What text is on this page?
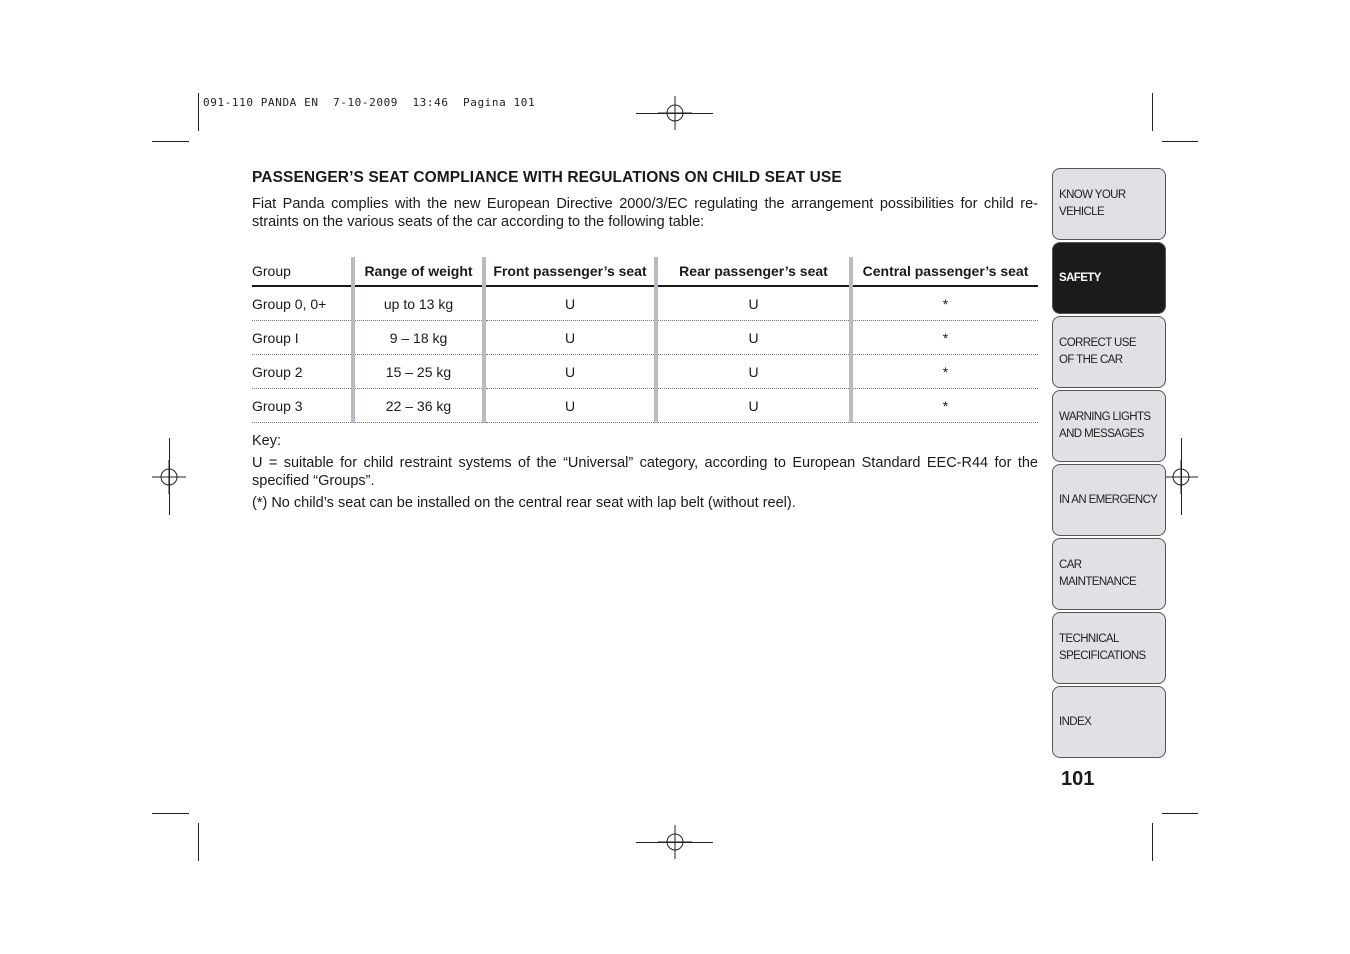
091-110 PANDA EN  7-10-2009  13:46  Pagina 101
PASSENGER’S SEAT COMPLIANCE WITH REGULATIONS ON CHILD SEAT USE

Fiat Panda complies with the new European Directive 2000/3/EC regulating the arrangement possibilities for child re-straints on the various seats of the car according to the following table:

Group	Range of weight	Front passenger’s seat	Rear passenger’s seat	Central passenger’s seat
Group 0, 0+	up to 13 kg	U	U	*
Group I	9 – 18 kg	U	U	*
Group 2	15 – 25 kg	U	U	*
Group 3	22 – 36 kg	U	U	*

Key:

U = suitable for child restraint systems of the “Universal” category, according to European Standard EEC-R44 for the specified “Groups”.

(*) No child’s seat can be installed on the central rear seat with lap belt (without reel).

KNOW YOUR
VEHICLE
SAFETY
CORRECT USE
OF THE CAR
WARNING LIGHTS
AND MESSAGES
IN AN EMERGENCY
CAR
MAINTENANCE
TECHNICAL
SPECIFICATIONS
INDEX
101
